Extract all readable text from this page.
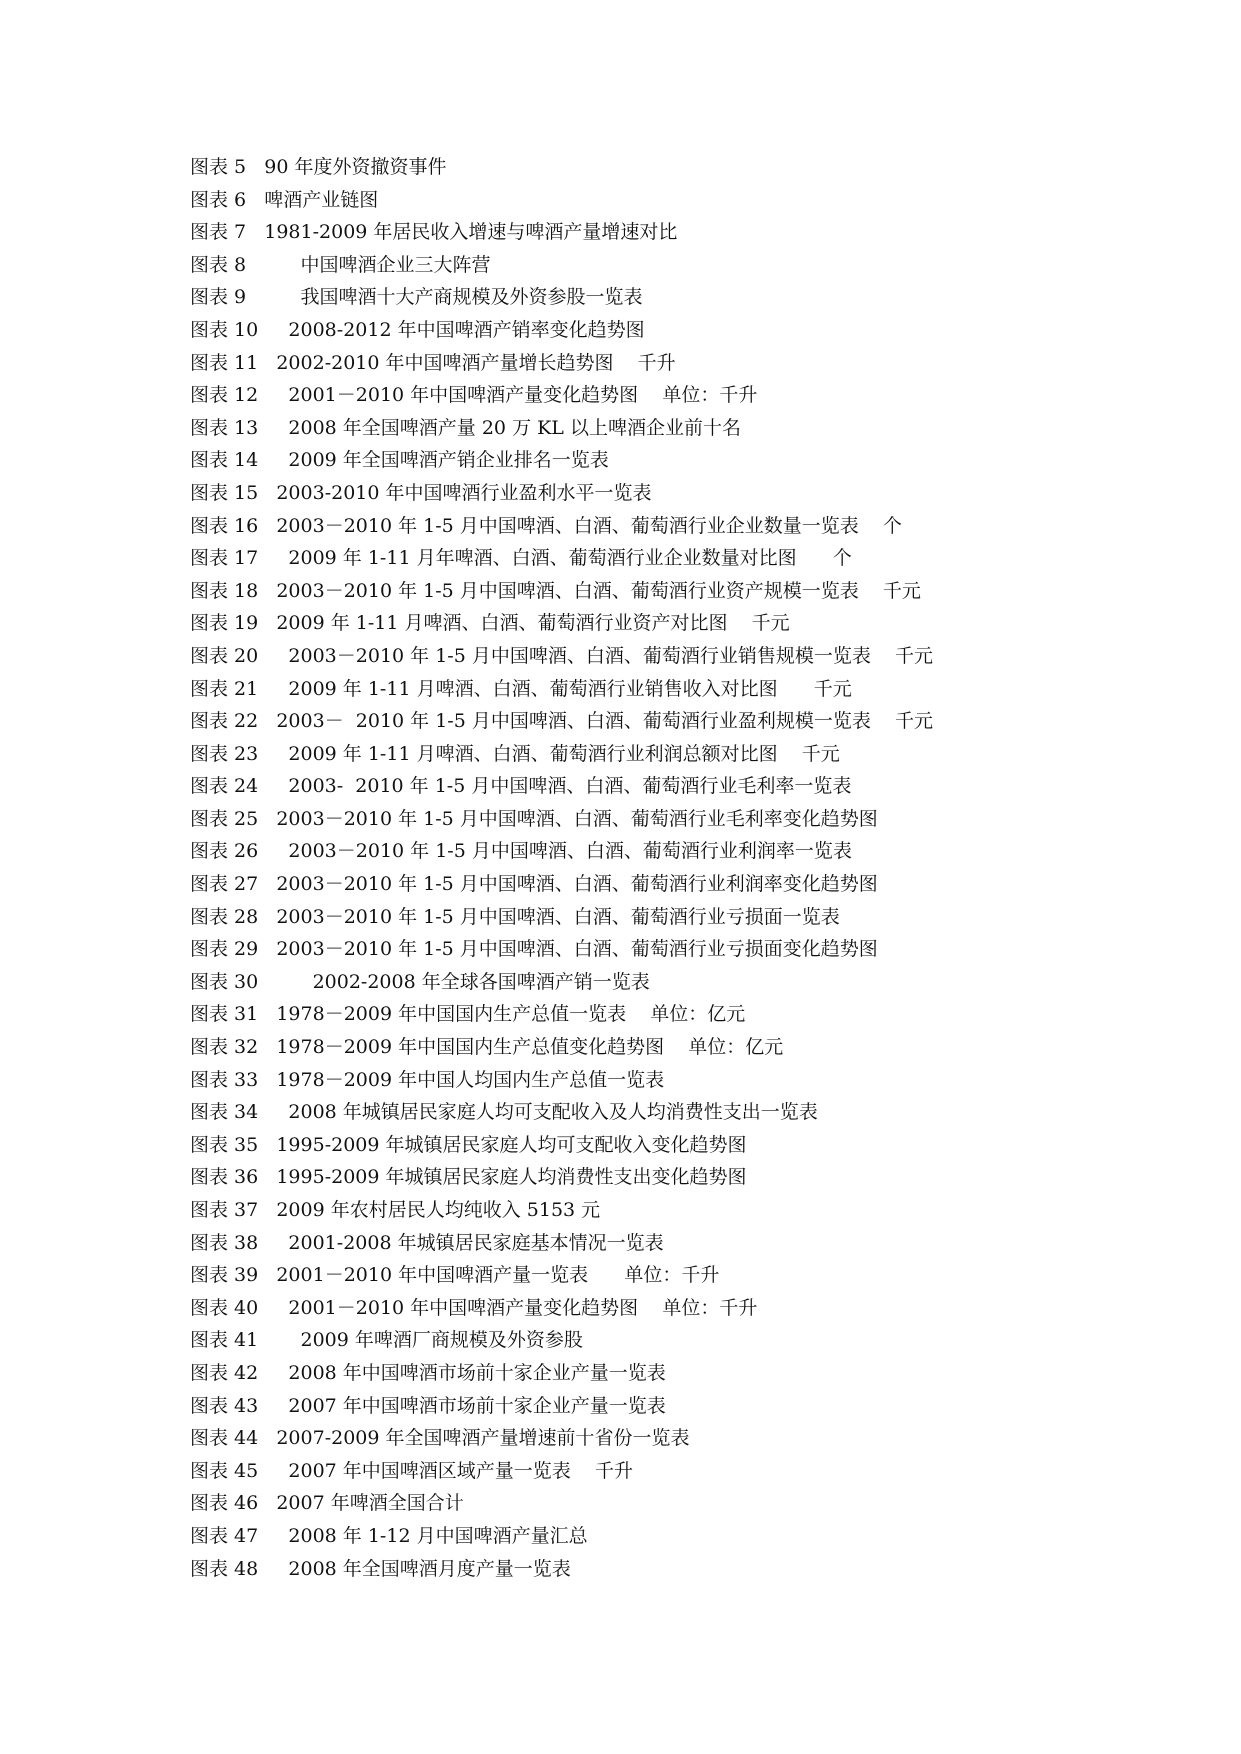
图表 5   90 年度外资撤资事件
图表 6   啤酒产业链图
图表 7   1981-2009 年居民收入增速与啤酒产量增速对比
图表 8         中国啤酒企业三大阵营
图表 9         我国啤酒十大产商规模及外资参股一览表
图表 10     2008-2012 年中国啤酒产销率变化趋势图
图表 11   2002-2010 年中国啤酒产量增长趋势图    千升
图表 12     2001－2010 年中国啤酒产量变化趋势图    单位：千升
图表 13     2008 年全国啤酒产量 20 万 KL 以上啤酒企业前十名
图表 14     2009 年全国啤酒产销企业排名一览表
图表 15   2003-2010 年中国啤酒行业盈利水平一览表
图表 16   2003－2010 年 1-5 月中国啤酒、白酒、葡萄酒行业企业数量一览表    个
图表 17     2009 年 1-11 月年啤酒、白酒、葡萄酒行业企业数量对比图      个
图表 18   2003－2010 年 1-5 月中国啤酒、白酒、葡萄酒行业资产规模一览表    千元
图表 19   2009 年 1-11 月啤酒、白酒、葡萄酒行业资产对比图    千元
图表 20     2003－2010 年 1-5 月中国啤酒、白酒、葡萄酒行业销售规模一览表    千元
图表 21     2009 年 1-11 月啤酒、白酒、葡萄酒行业销售收入对比图      千元
图表 22   2003－  2010 年 1-5 月中国啤酒、白酒、葡萄酒行业盈利规模一览表    千元
图表 23     2009 年 1-11 月啤酒、白酒、葡萄酒行业利润总额对比图    千元
图表 24     2003-  2010 年 1-5 月中国啤酒、白酒、葡萄酒行业毛利率一览表
图表 25   2003－2010 年 1-5 月中国啤酒、白酒、葡萄酒行业毛利率变化趋势图
图表 26     2003－2010 年 1-5 月中国啤酒、白酒、葡萄酒行业利润率一览表
图表 27   2003－2010 年 1-5 月中国啤酒、白酒、葡萄酒行业利润率变化趋势图
图表 28   2003－2010 年 1-5 月中国啤酒、白酒、葡萄酒行业亏损面一览表
图表 29   2003－2010 年 1-5 月中国啤酒、白酒、葡萄酒行业亏损面变化趋势图
图表 30         2002-2008 年全球各国啤酒产销一览表
图表 31   1978－2009 年中国国内生产总值一览表    单位：亿元
图表 32   1978－2009 年中国国内生产总值变化趋势图    单位：亿元
图表 33   1978－2009 年中国人均国内生产总值一览表
图表 34     2008 年城镇居民家庭人均可支配收入及人均消费性支出一览表
图表 35   1995-2009 年城镇居民家庭人均可支配收入变化趋势图
图表 36   1995-2009 年城镇居民家庭人均消费性支出变化趋势图
图表 37   2009 年农村居民人均纯收入 5153 元
图表 38     2001-2008 年城镇居民家庭基本情况一览表
图表 39   2001－2010 年中国啤酒产量一览表      单位：千升
图表 40     2001－2010 年中国啤酒产量变化趋势图    单位：千升
图表 41       2009 年啤酒厂商规模及外资参股
图表 42     2008 年中国啤酒市场前十家企业产量一览表
图表 43     2007 年中国啤酒市场前十家企业产量一览表
图表 44   2007-2009 年全国啤酒产量增速前十省份一览表
图表 45     2007 年中国啤酒区域产量一览表    千升
图表 46   2007 年啤酒全国合计
图表 47     2008 年 1-12 月中国啤酒产量汇总
图表 48     2008 年全国啤酒月度产量一览表
